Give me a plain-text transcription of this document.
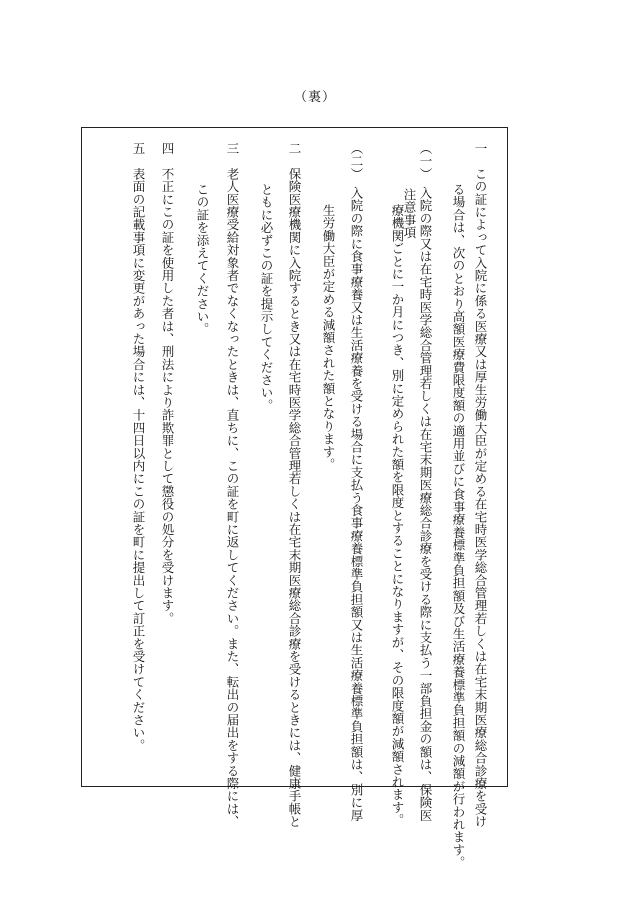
（裏）
注意事項	一　この証によって入院に係る医療又は厚生労働大臣が定める在宅時医学総合管理若しくは在宅末期医療総合診療を受け
る場合は、次のとおり高額医療費限度額の適用並びに食事療養標準負担額及び生活療養標準負担額の減額が行われます。
（一）　入院の際又は在宅時医学総合管理若しくは在宅末期医療総合診療を受ける際に支払う一部負担金の額は、保険医
療機関ごとに一か月につき、別に定められた額を限度とすることになりますが、その限度額が減額されます。
（二）　入院の際に食事療養又は生活療養を受ける場合に支払う食事療養標準負担額又は生活療養標準負担額は、別に厚
生労働大臣が定める減額された額となります。
二　保険医療機関に入院するとき又は在宅時医学総合管理若しくは在宅末期医療総合診療を受けるときには、健康手帳と
ともに必ずこの証を提示してください。
三　老人医療受給対象者でなくなったときは、直ちに、この証を町に返してください。また、転出の届出をする際には、
この証を添えてください。
四　不正にこの証を使用した者は、刑法により詐欺罪として懲役の処分を受けます。
五　表面の記載事項に変更があった場合には、十四日以内にこの証を町に提出して訂正を受けてください。
